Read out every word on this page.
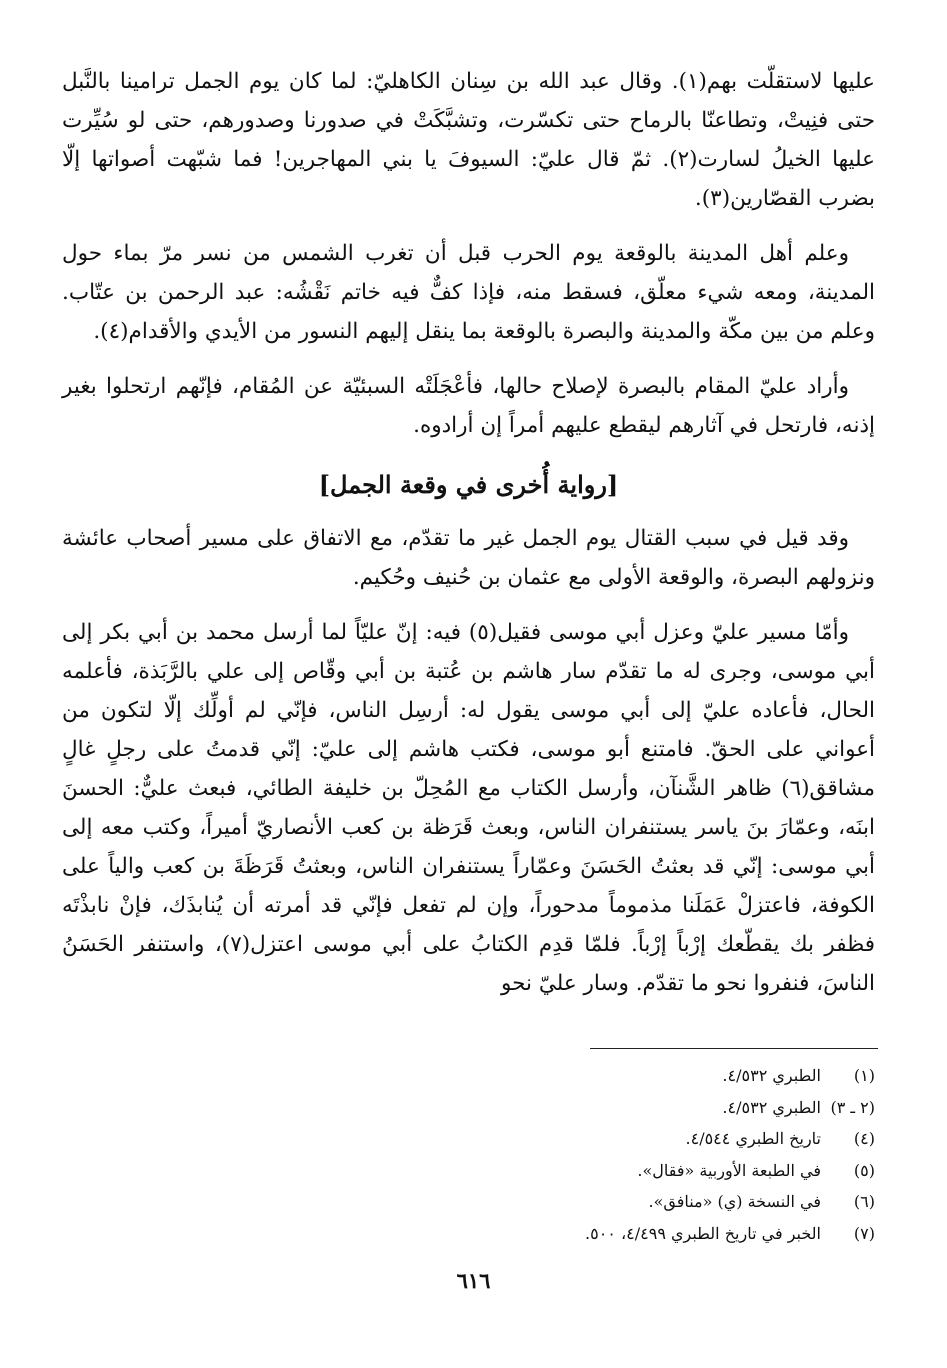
عليها لاستقلّت بهم(١). وقال عبد الله بن سِنان الكاهليّ: لما كان يوم الجمل ترامينا بالنَّبل حتى فنِيتْ، وتطاعنّا بالرماح حتى تكسّرت، وتشبَّكَتْ في صدورنا وصدورهم، حتى لو سُيِّرت عليها الخيلُ لسارت(٢). ثمّ قال عليّ: السيوفَ يا بني المهاجرين! فما شبّهت أصواتها إلّا بضرب القصّارين(٣).

وعلم أهل المدينة بالوقعة يوم الحرب قبل أن تغرب الشمس من نسر مرّ بماء حول المدينة، ومعه شيء معلّق، فسقط منه، فإذا كفٌّ فيه خاتم نَقْشُه: عبد الرحمن بن عتّاب. وعلم من بين مكّة والمدينة والبصرة بالوقعة بما ينقل إليهم النسور من الأيدي والأقدام(٤).

وأراد عليّ المقام بالبصرة لإصلاح حالها، فأعْجَلَتْه السبئيّة عن المُقام، فإنّهم ارتحلوا بغير إذنه، فارتحل في آثارهم ليقطع عليهم أمراً إن أرادوه.

[رواية أُخرى في وقعة الجمل]

وقد قيل في سبب القتال يوم الجمل غير ما تقدّم، مع الاتفاق على مسير أصحاب عائشة ونزولهم البصرة، والوقعة الأولى مع عثمان بن حُنيف وحُكيم.

وأمّا مسير عليّ وعزل أبي موسى فقيل(٥) فيه: إنّ عليّاً لما أرسل محمد بن أبي بكر إلى أبي موسى، وجرى له ما تقدّم سار هاشم بن عُتبة بن أبي وقّاص إلى علي بالرَّبَذة، فأعلمه الحال، فأعاده عليّ إلى أبي موسى يقول له: أرسِل الناس، فإنّي لم أولِّك إلّا لتكون من أعواني على الحقّ. فامتنع أبو موسى، فكتب هاشم إلى عليّ: إنّي قدمتُ على رجلٍ غالٍ مشاقق(٦) ظاهر الشَّنآن، وأرسل الكتاب مع المُحِلّ بن خليفة الطائي، فبعث عليٌّ: الحسنَ ابنَه، وعمّارَ بنَ ياسر يستنفران الناس، وبعث قَرَظة بن كعب الأنصاريّ أميراً، وكتب معه إلى أبي موسى: إنّي قد بعثتُ الحَسَنَ وعمّاراً يستنفران الناس، وبعثتُ قَرَظَةَ بن كعب والياً على الكوفة، فاعتزلْ عَمَلَنا مذموماً مدحوراً، وإن لم تفعل فإنّي قد أمرته أن يُنابذَك، فإنْ نابذْتَه فظفر بك يقطّعك إرْباً إرْباً. فلمّا قدِم الكتابُ على أبي موسى اعتزل(٧)، واستنفر الحَسَنُ الناسَ، فنفروا نحو ما تقدّم. وسار عليّ نحو

(١)
الطبري ٤/٥٣٢.
(٢ ـ ٣)
الطبري ٤/٥٣٢.
(٤)
تاريخ الطبري ٤/٥٤٤.
(٥)
في الطبعة الأوربية «فقال».
(٦)
في النسخة (ي) «منافق».
(٧)
الخبر في تاريخ الطبري ٤/٤٩٩، ٥٠٠.
٦١٦
